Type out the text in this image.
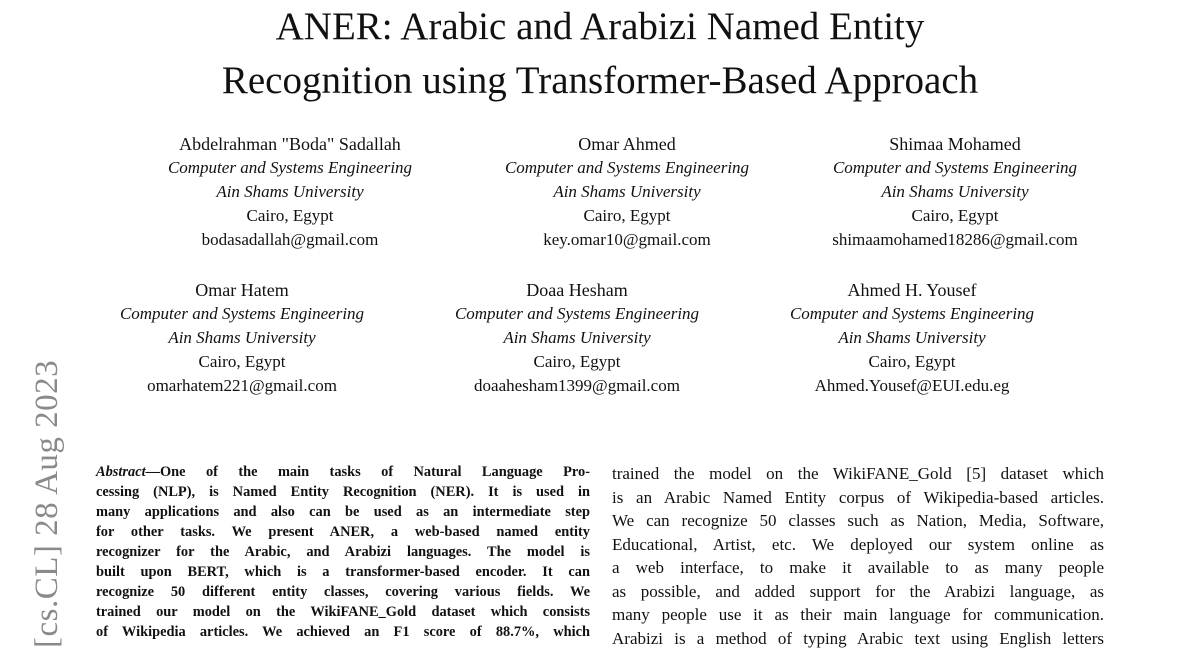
ANER: Arabic and Arabizi Named Entity
Recognition using Transformer-Based Approach
Abdelrahman "Boda" Sadallah
Computer and Systems Engineering
Ain Shams University
Cairo, Egypt
bodasadallah@gmail.com
Omar Ahmed
Computer and Systems Engineering
Ain Shams University
Cairo, Egypt
key.omar10@gmail.com
Shimaa Mohamed
Computer and Systems Engineering
Ain Shams University
Cairo, Egypt
shimaamohamed18286@gmail.com
Omar Hatem
Computer and Systems Engineering
Ain Shams University
Cairo, Egypt
omarhatem221@gmail.com
Doaa Hesham
Computer and Systems Engineering
Ain Shams University
Cairo, Egypt
doaahesham1399@gmail.com
Ahmed H. Yousef
Computer and Systems Engineering
Ain Shams University
Cairo, Egypt
Ahmed.Yousef@EUI.edu.eg
[cs.CL] 28 Aug 2023 Abstract—One of the main tasks of Natural Language Pro-
cessing (NLP), is Named Entity Recognition (NER). It is used in
many applications and also can be used as an intermediate step
for other tasks. We present ANER, a web-based named entity
recognizer for the Arabic, and Arabizi languages. The model is
built upon BERT, which is a transformer-based encoder. It can
recognize 50 different entity classes, covering various fields. We
trained our model on the WikiFANE_Gold dataset which consists
of Wikipedia articles. We achieved an F1 score of 88.7%, which
trained the model on the WikiFANE_Gold [5] dataset which
is an Arabic Named Entity corpus of Wikipedia-based articles.
We can recognize 50 classes such as Nation, Media, Software,
Educational, Artist, etc. We deployed our system online as
a web interface, to make it available to as many people
as possible, and added support for the Arabizi language, as
many people use it as their main language for communication.
Arabizi is a method of typing Arabic text using English letters
